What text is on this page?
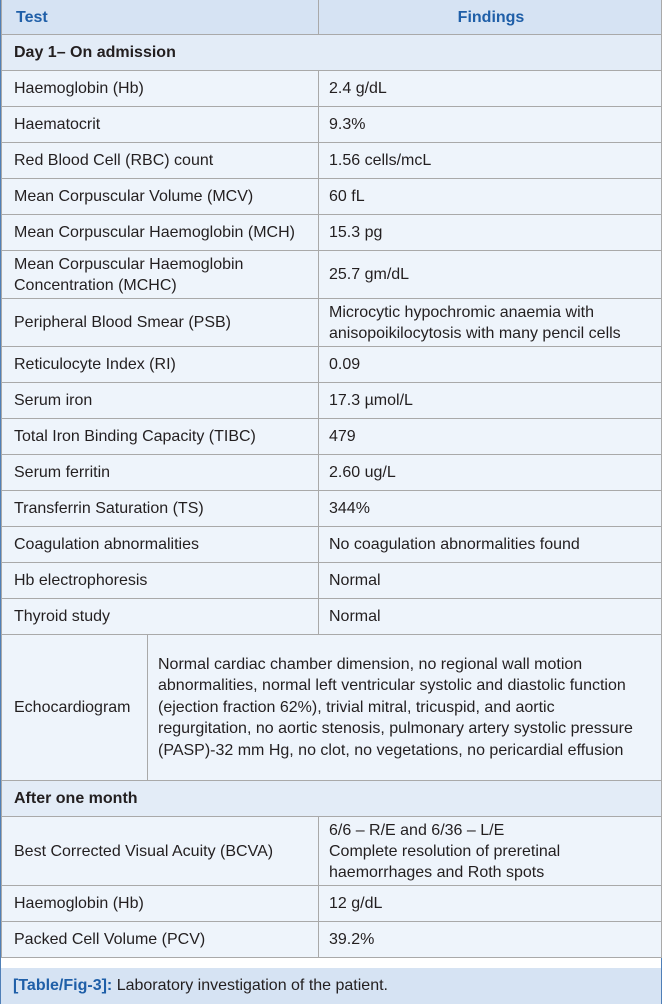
Test		Findings
Day 1– On admission		
Haemoglobin (Hb)		2.4 g/dL
Haematocrit		9.3%
Red Blood Cell (RBC) count		1.56 cells/mcL
Mean Corpuscular Volume (MCV)		60 fL
Mean Corpuscular Haemoglobin (MCH)		15.3 pg
Mean Corpuscular Haemoglobin Concentration (MCHC)		25.7 gm/dL
Peripheral Blood Smear (PSB)		Microcytic hypochromic anaemia with anisopoikilocytosis with many pencil cells
Reticulocyte Index (RI)		0.09
Serum iron		17.3 µmol/L
Total Iron Binding Capacity (TIBC)		479
Serum ferritin		2.60 ug/L
Transferrin Saturation (TS)		344%
Coagulation abnormalities		No coagulation abnormalities found
Hb electrophoresis		Normal
Thyroid study		Normal
Echocardiogram	Normal cardiac chamber dimension, no regional wall motion abnormalities, normal left ventricular systolic and diastolic function (ejection fraction 62%), trivial mitral, tricuspid, and aortic regurgitation, no aortic stenosis, pulmonary artery systolic pressure (PASP)-32 mm Hg, no clot, no vegetations, no pericardial effusion	
After one month		
Best Corrected Visual Acuity (BCVA)		6/6 – R/E and 6/36 – L/E
Complete resolution of preretinal haemorrhages and Roth spots

Haemoglobin (Hb)		12 g/dL
Packed Cell Volume (PCV)		39.2%
[Table/Fig-3]: Laboratory investigation of the patient.
